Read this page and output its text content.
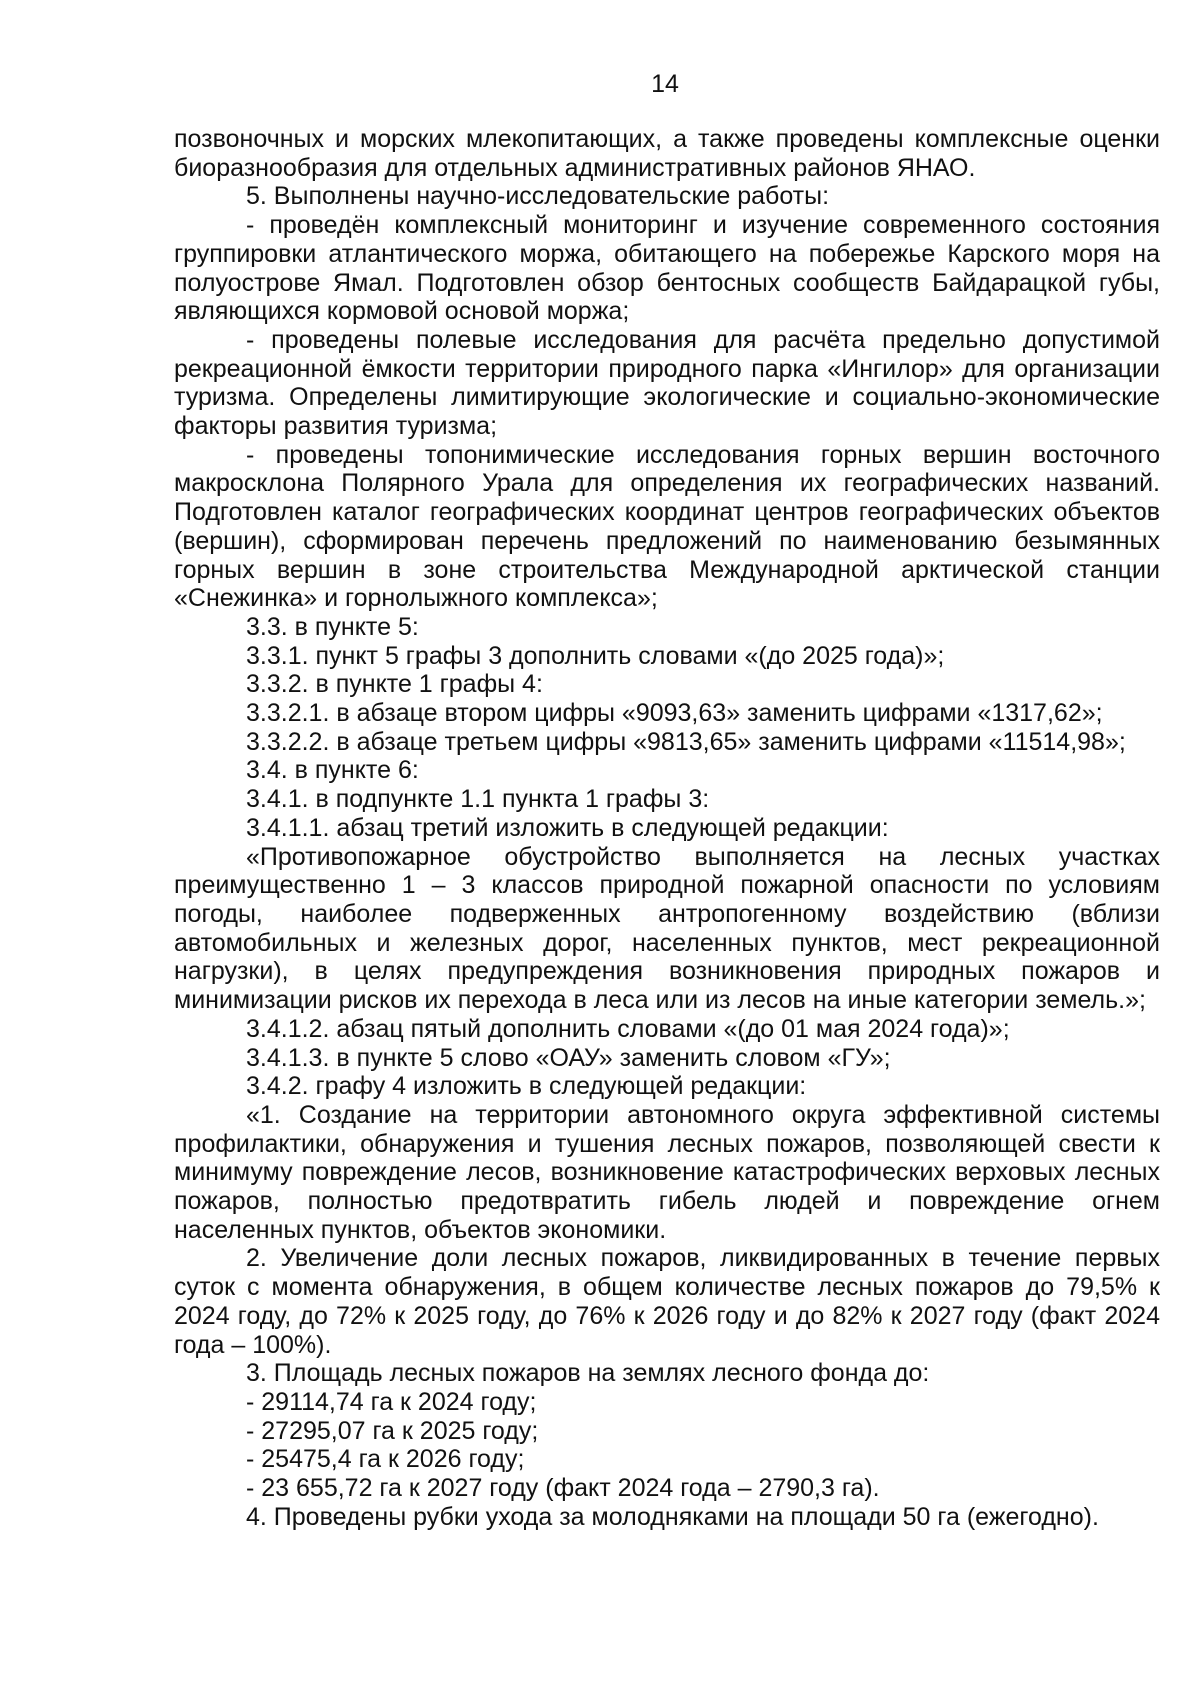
14

позвоночных и морских млекопитающих, а также проведены комплексные оценки биоразнообразия для отдельных административных районов ЯНАО.

5. Выполнены научно-исследовательские работы:

- проведён комплексный мониторинг и изучение современного состояния группировки атлантического моржа, обитающего на побережье Карского моря на полуострове Ямал. Подготовлен обзор бентосных сообществ Байдарацкой губы, являющихся кормовой основой моржа;

- проведены полевые исследования для расчёта предельно допустимой рекреационной ёмкости территории природного парка «Ингилор» для организации туризма. Определены лимитирующие экологические и социально-экономические факторы развития туризма;

- проведены топонимические исследования горных вершин восточного макросклона Полярного Урала для определения их географических названий. Подготовлен каталог географических координат центров географических объектов (вершин), сформирован перечень предложений по наименованию безымянных горных вершин в зоне строительства Международной арктической станции «Снежинка» и горнолыжного комплекса»;

3.3. в пункте 5:

3.3.1. пункт 5 графы 3 дополнить словами «(до 2025 года)»;

3.3.2. в пункте 1 графы 4:

3.3.2.1. в абзаце втором цифры «9093,63» заменить цифрами «1317,62»;

3.3.2.2. в абзаце третьем цифры «9813,65» заменить цифрами «11514,98»;

3.4. в пункте 6:

3.4.1. в подпункте 1.1 пункта 1 графы 3:

3.4.1.1. абзац третий изложить в следующей редакции:

«Противопожарное обустройство выполняется на лесных участках преимущественно 1 – 3 классов природной пожарной опасности по условиям погоды, наиболее подверженных антропогенному воздействию (вблизи автомобильных и железных дорог, населенных пунктов, мест рекреационной нагрузки), в целях предупреждения возникновения природных пожаров и минимизации рисков их перехода в леса или из лесов на иные категории земель.»;

3.4.1.2. абзац пятый дополнить словами «(до 01 мая 2024 года)»;

3.4.1.3. в пункте 5 слово «ОАУ» заменить словом «ГУ»;

3.4.2. графу 4 изложить в следующей редакции:

«1. Создание на территории автономного округа эффективной системы профилактики, обнаружения и тушения лесных пожаров, позволяющей свести к минимуму повреждение лесов, возникновение катастрофических верховых лесных пожаров, полностью предотвратить гибель людей и повреждение огнем населенных пунктов, объектов экономики.

2. Увеличение доли лесных пожаров, ликвидированных в течение первых суток с момента обнаружения, в общем количестве лесных пожаров до 79,5% к 2024 году, до 72% к 2025 году, до 76% к 2026 году и до 82% к 2027 году (факт 2024 года – 100%).

3. Площадь лесных пожаров на землях лесного фонда до:

- 29114,74 га к 2024 году;

- 27295,07 га к 2025 году;

- 25475,4 га к 2026 году;

- 23 655,72 га к 2027 году (факт 2024 года – 2790,3 га).

4. Проведены рубки ухода за молодняками на площади 50 га (ежегодно).
